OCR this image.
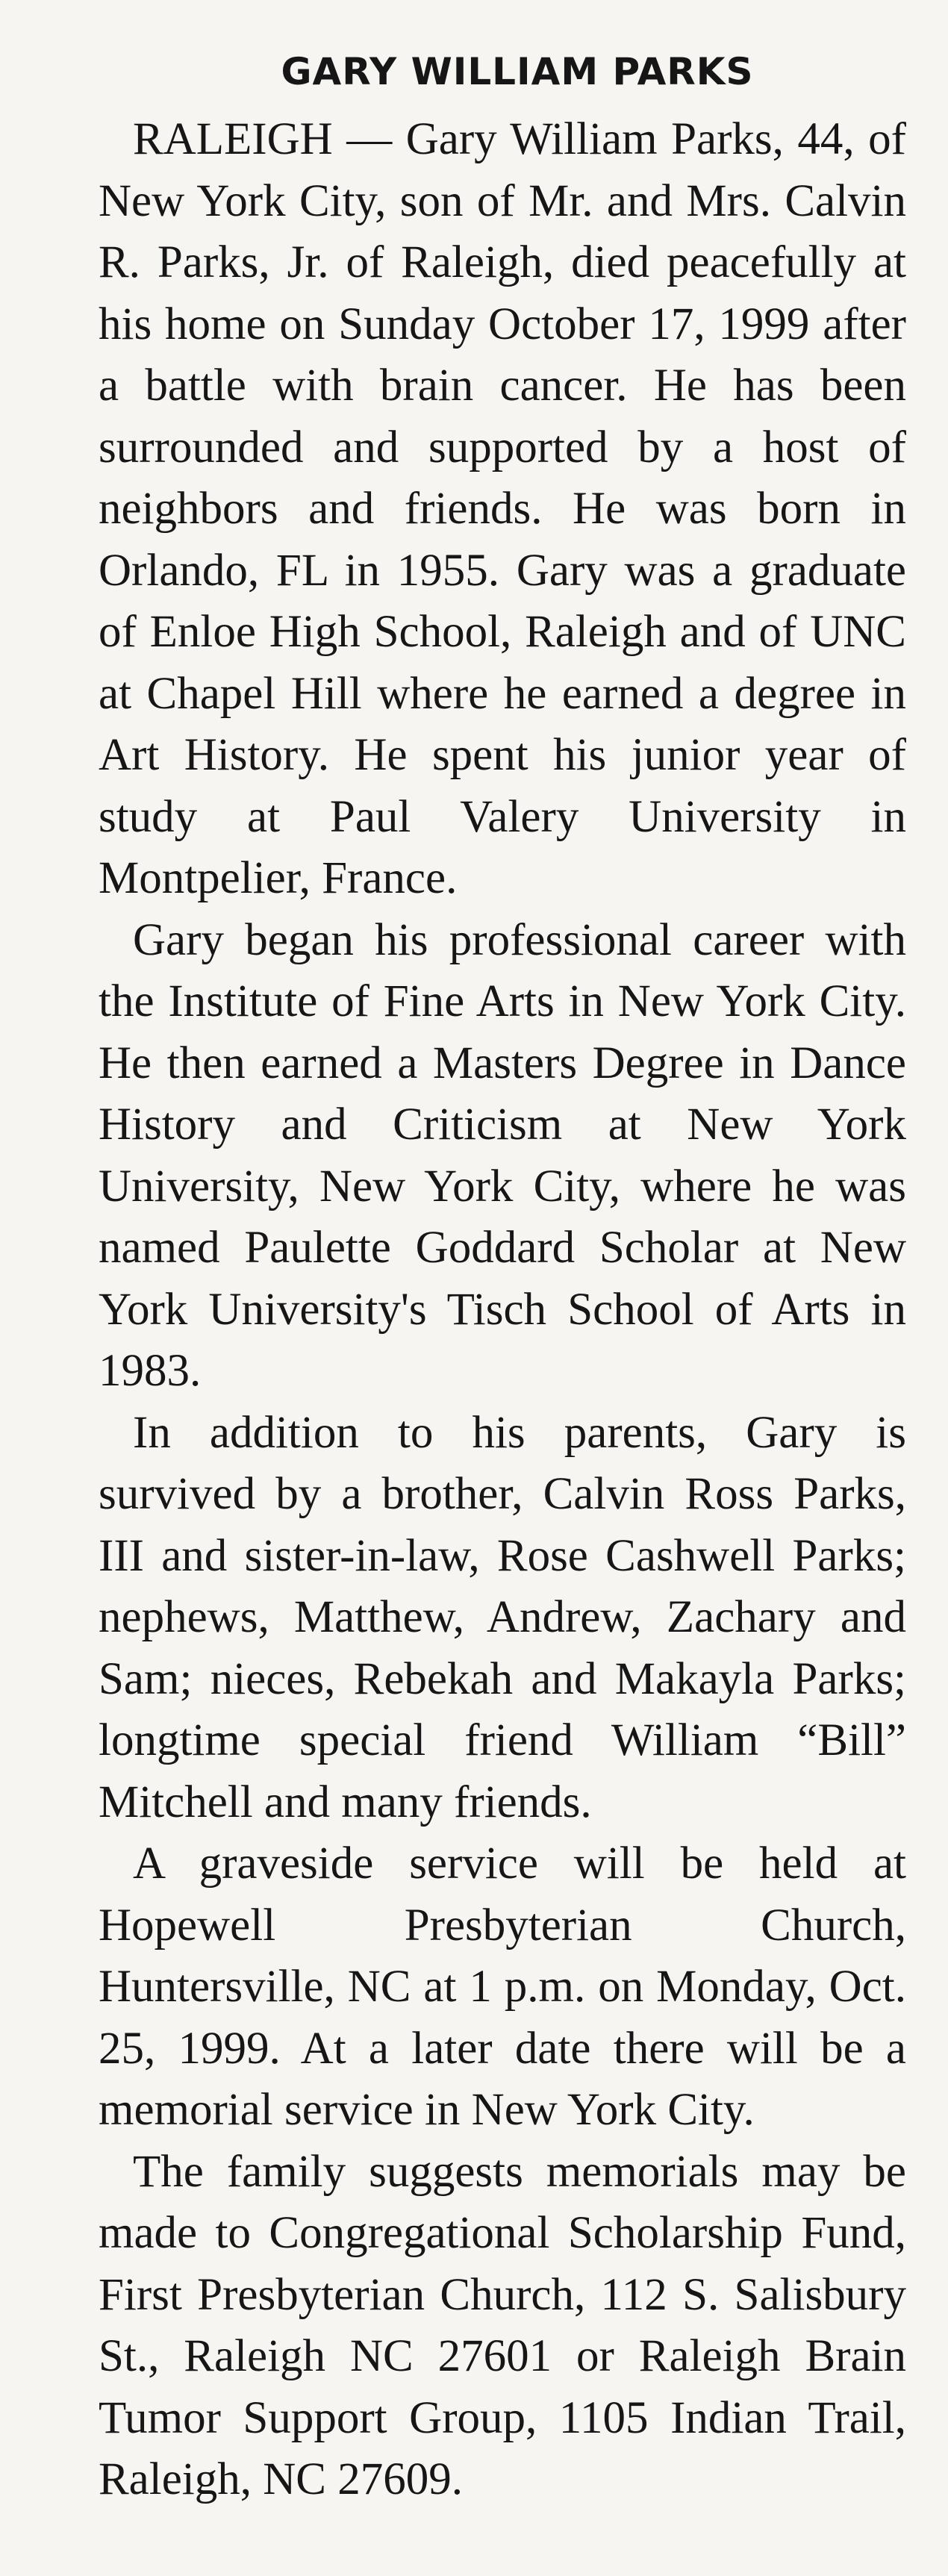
GARY WILLIAM PARKS

RALEIGH — Gary William Parks, 44, of New York City, son of Mr. and Mrs. Calvin R. Parks, Jr. of Raleigh, died peacefully at his home on Sunday October 17, 1999 after a battle with brain cancer. He has been surrounded and supported by a host of neighbors and friends. He was born in Orlando, FL in 1955. Gary was a graduate of Enloe High School, Raleigh and of UNC at Chapel Hill where he earned a degree in Art History. He spent his junior year of study at Paul Valery University in Montpelier, France.

Gary began his professional career with the Institute of Fine Arts in New York City. He then earned a Masters Degree in Dance History and Criticism at New York University, New York City, where he was named Paulette Goddard Scholar at New York University's Tisch School of Arts in 1983.

In addition to his parents, Gary is survived by a brother, Calvin Ross Parks, III and sister-in-law, Rose Cashwell Parks; nephews, Matthew, Andrew, Zachary and Sam; nieces, Rebekah and Makayla Parks; longtime special friend William “Bill” Mitchell and many friends.

A graveside service will be held at Hopewell Presbyterian Church, Huntersville, NC at 1 p.m. on Monday, Oct. 25, 1999. At a later date there will be a memorial service in New York City.

The family suggests memorials may be made to Congregational Scholarship Fund, First Presbyterian Church, 112 S. Salisbury St., Raleigh NC 27601 or Raleigh Brain Tumor Support Group, 1105 Indian Trail, Raleigh, NC 27609.
